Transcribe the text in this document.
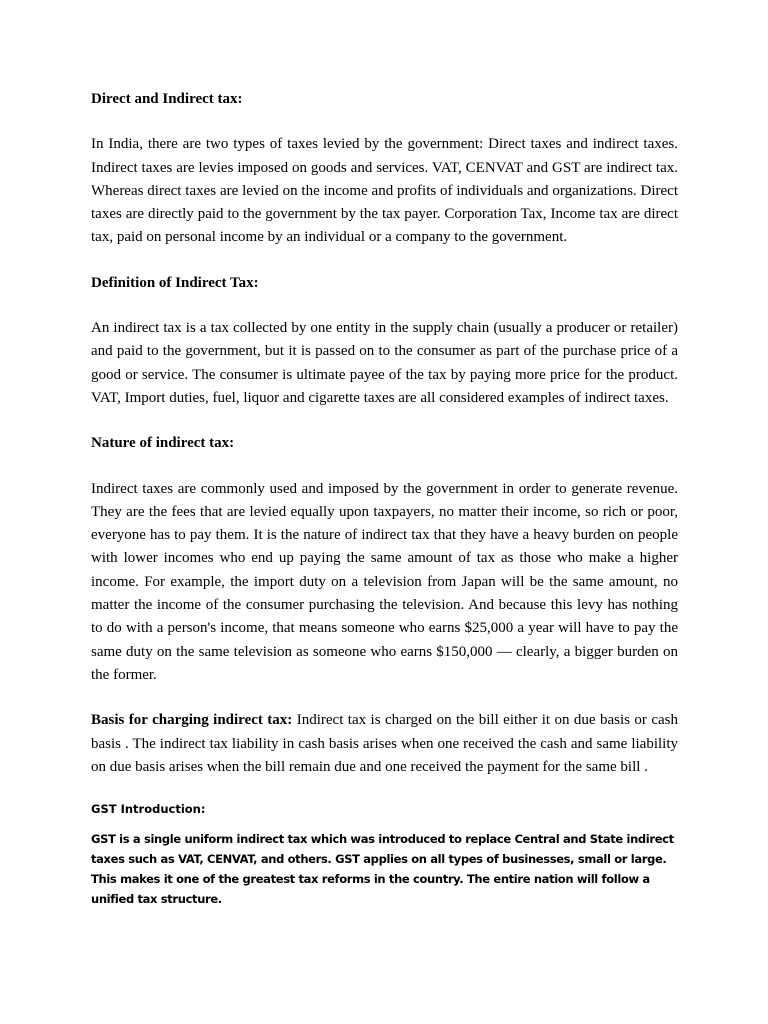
Direct and Indirect tax:

In India, there are two types of taxes levied by the government: Direct taxes and indirect taxes. Indirect taxes are levies imposed on goods and services. VAT, CENVAT and GST are indirect tax. Whereas direct taxes are levied on the income and profits of individuals and organizations. Direct taxes are directly paid to the government by the tax payer. Corporation Tax, Income tax are direct tax, paid on personal income by an individual or a company to the government.

Definition of Indirect Tax:

An indirect tax is a tax collected by one entity in the supply chain (usually a producer or retailer) and paid to the government, but it is passed on to the consumer as part of the purchase price of a good or service. The consumer is ultimate payee of the tax by paying more price for the product. VAT, Import duties, fuel, liquor and cigarette taxes are all considered examples of indirect taxes.

Nature of indirect tax:

Indirect taxes are commonly used and imposed by the government in order to generate revenue. They are the fees that are levied equally upon taxpayers, no matter their income, so rich or poor, everyone has to pay them. It is the nature of indirect tax that they have a heavy burden on people with lower incomes who end up paying the same amount of tax as those who make a higher income. For example, the import duty on a television from Japan will be the same amount, no matter the income of the consumer purchasing the television. And because this levy has nothing to do with a person's income, that means someone who earns $25,000 a year will have to pay the same duty on the same television as someone who earns $150,000 — clearly, a bigger burden on the former.

Basis for charging indirect tax: Indirect tax is charged on the bill either it on due basis or cash basis . The indirect tax liability in cash basis arises when one received the cash and same liability on due basis arises when the bill remain due and one received the payment for the same bill .

GST Introduction:

GST is a single uniform indirect tax which was introduced to replace Central and State indirect taxes such as VAT, CENVAT, and others. GST applies on all types of businesses, small or large. This makes it one of the greatest tax reforms in the country. The entire nation will follow a unified tax structure.
